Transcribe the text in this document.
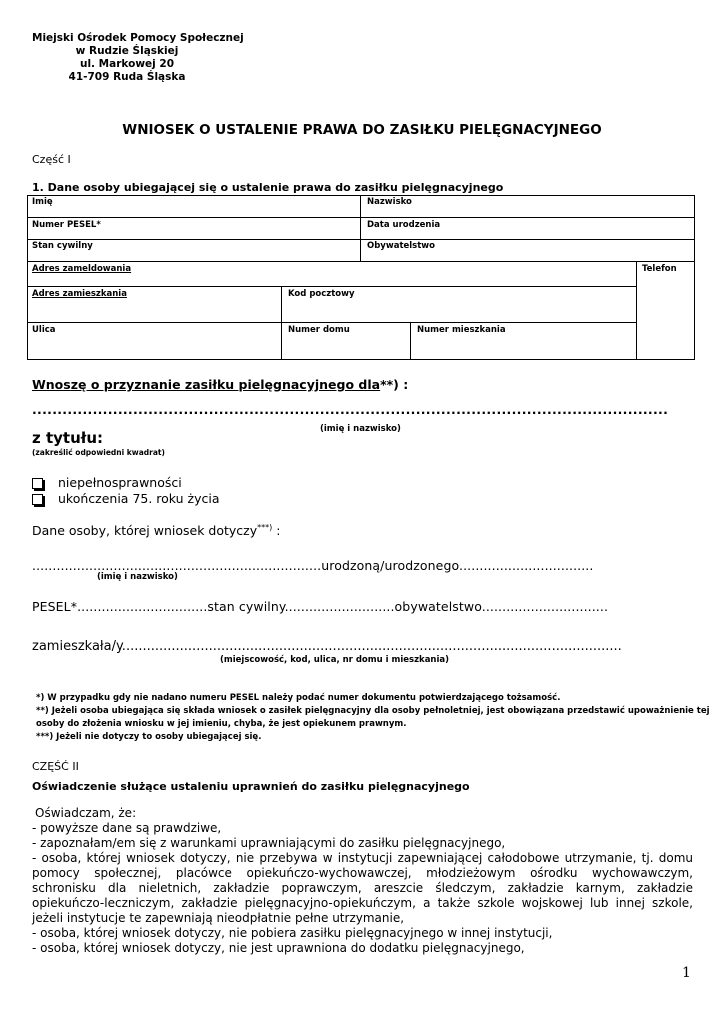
Miejski Ośrodek Pomocy Społecznej
w Rudzie Śląskiej
ul. Markowej 20
41-709 Ruda Śląska
WNIOSEK O USTALENIE PRAWA DO ZASIŁKU PIELĘGNACYJNEGO
Część I
1. Dane osoby ubiegającej się o ustalenie prawa do zasiłku pielęgnacyjnego
Imię	Nazwisko
Numer PESEL*	Data urodzenia
Stan cywilny	Obywatelstwo
Adres zameldowania	Telefon
Adres zamieszkania	Kod pocztowy
Ulica	Numer domu	Numer mieszkania
Wnoszę o przyznanie zasiłku pielęgnacyjnego dla**) :
..............................................................................................................................
(imię i nazwisko)
z tytułu:
(zakreślić odpowiedni kwadrat)
niepełnosprawności
ukończenia 75. roku życia
Dane osoby, której wniosek dotyczy***) :
.......................................................................urodzoną/urodzonego.................................
(imię i nazwisko)
PESEL*................................stan cywilny...........................obywatelstwo...............................
zamieszkała/y.........................................................................................................................
(miejscowość, kod, ulica, nr domu i mieszkania)
*) W przypadku gdy nie nadano numeru PESEL należy podać numer dokumentu potwierdzającego tożsamość.
**) Jeżeli osoba ubiegająca się składa wniosek o zasiłek pielęgnacyjny dla osoby pełnoletniej, jest obowiązana przedstawić upoważnienie tej
osoby do złożenia wniosku w jej imieniu, chyba, że jest opiekunem prawnym.
***) Jeżeli nie dotyczy to osoby ubiegającej się.
CZĘŚĆ II
Oświadczenie służące ustaleniu uprawnień do zasiłku pielęgnacyjnego
Oświadczam, że:
- powyższe dane są prawdziwe,
- zapoznałam/em się z warunkami uprawniającymi do zasiłku pielęgnacyjnego,
- osoba, której wniosek dotyczy, nie przebywa w instytucji zapewniającej całodobowe utrzymanie, tj. domu pomocy społecznej, placówce opiekuńczo-wychowawczej, młodzieżowym ośrodku wychowawczym, schronisku dla nieletnich, zakładzie poprawczym, areszcie śledczym, zakładzie karnym, zakładzie opiekuńczo-leczniczym, zakładzie pielęgnacyjno-opiekuńczym, a także szkole wojskowej lub innej szkole, jeżeli instytucje te zapewniają nieodpłatnie pełne utrzymanie,
- osoba, której wniosek dotyczy, nie pobiera zasiłku pielęgnacyjnego w innej instytucji,
- osoba, której wniosek dotyczy, nie jest uprawniona do dodatku pielęgnacyjnego,
1
